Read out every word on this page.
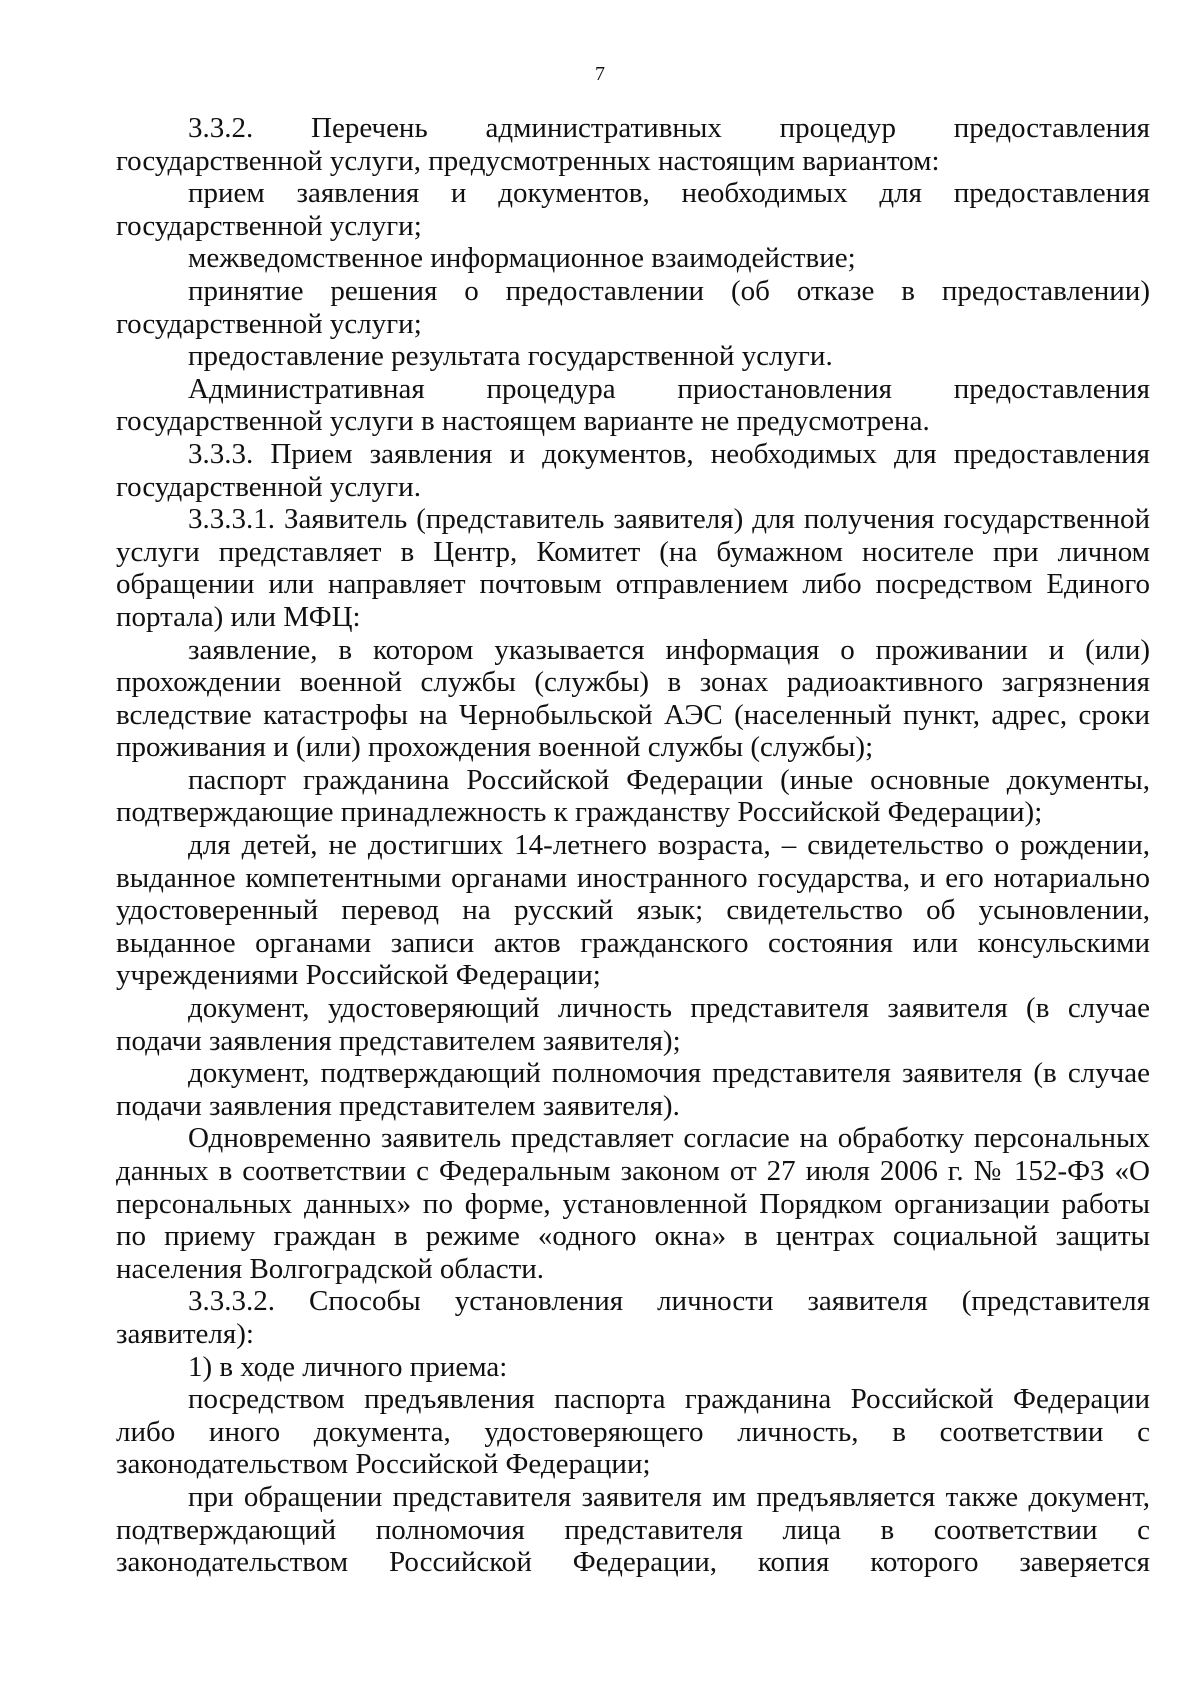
7

3.3.2. Перечень административных процедур предоставления государственной услуги, предусмотренных настоящим вариантом:

прием заявления и документов, необходимых для предоставления государственной услуги;

межведомственное информационное взаимодействие;

принятие решения о предоставлении (об отказе в предоставлении) государственной услуги;

предоставление результата государственной услуги.

Административная процедура приостановления предоставления государственной услуги в настоящем варианте не предусмотрена.

3.3.3. Прием заявления и документов, необходимых для предоставления государственной услуги.

3.3.3.1. Заявитель (представитель заявителя) для получения государственной услуги представляет в Центр, Комитет (на бумажном носителе при личном обращении или направляет почтовым отправлением либо посредством Единого портала) или МФЦ:

заявление, в котором указывается информация о проживании и (или) прохождении военной службы (службы) в зонах радиоактивного загрязнения вследствие катастрофы на Чернобыльской АЭС (населенный пункт, адрес, сроки проживания и (или) прохождения военной службы (службы);

паспорт гражданина Российской Федерации (иные основные документы, подтверждающие принадлежность к гражданству Российской Федерации);

для детей, не достигших 14-летнего возраста, – свидетельство о рождении, выданное компетентными органами иностранного государства, и его нотариально удостоверенный перевод на русский язык; свидетельство об усыновлении, выданное органами записи актов гражданского состояния или консульскими учреждениями Российской Федерации;

документ, удостоверяющий личность представителя заявителя (в случае подачи заявления представителем заявителя);

документ, подтверждающий полномочия представителя заявителя (в случае подачи заявления представителем заявителя).

Одновременно заявитель представляет согласие на обработку персональных данных в соответствии с Федеральным законом от 27 июля 2006 г. № 152-ФЗ «О персональных данных» по форме, установленной Порядком организации работы по приему граждан в режиме «одного окна» в центрах социальной защиты населения Волгоградской области.

3.3.3.2. Способы установления личности заявителя (представителя заявителя):

1) в ходе личного приема:

посредством предъявления паспорта гражданина Российской Федерации либо иного документа, удостоверяющего личность, в соответствии с законодательством Российской Федерации;

при обращении представителя заявителя им предъявляется также документ, подтверждающий полномочия представителя лица в соответствии с законодательством Российской Федерации, копия которого заверяется
